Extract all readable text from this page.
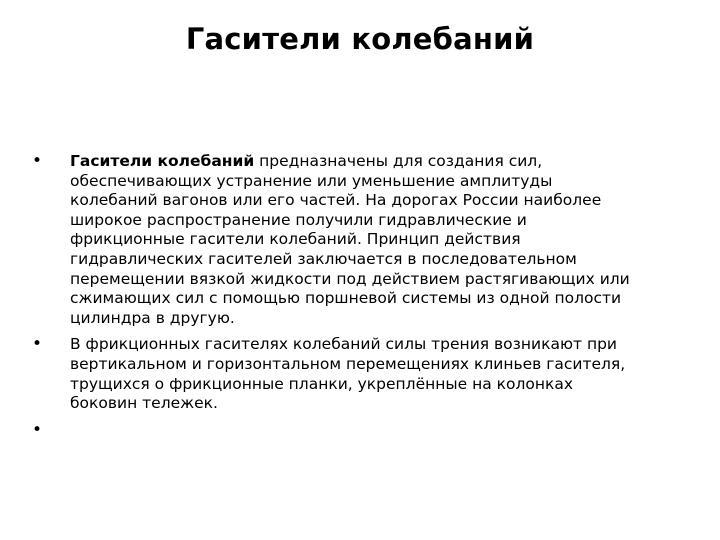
Гасители колебаний
• Гасители колебаний предназначены для создания сил,
обеспечивающих устранение или уменьшение амплитуды
колебаний вагонов или его частей. На дорогах России наиболее
широкое распространение получили гидравлические и
фрикционные гасители колебаний. Принцип действия
гидравлических гасителей заключается в последовательном
перемещении вязкой жидкости под действием растягивающих или
сжимающих сил с помощью поршневой системы из одной полости
цилиндра в другую.
• В фрикционных гасителях колебаний силы трения возникают при
вертикальном и горизонтальном перемещениях клиньев гасителя,
трущихся о фрикционные планки, укреплённые на колонках
боковин тележек.
•
